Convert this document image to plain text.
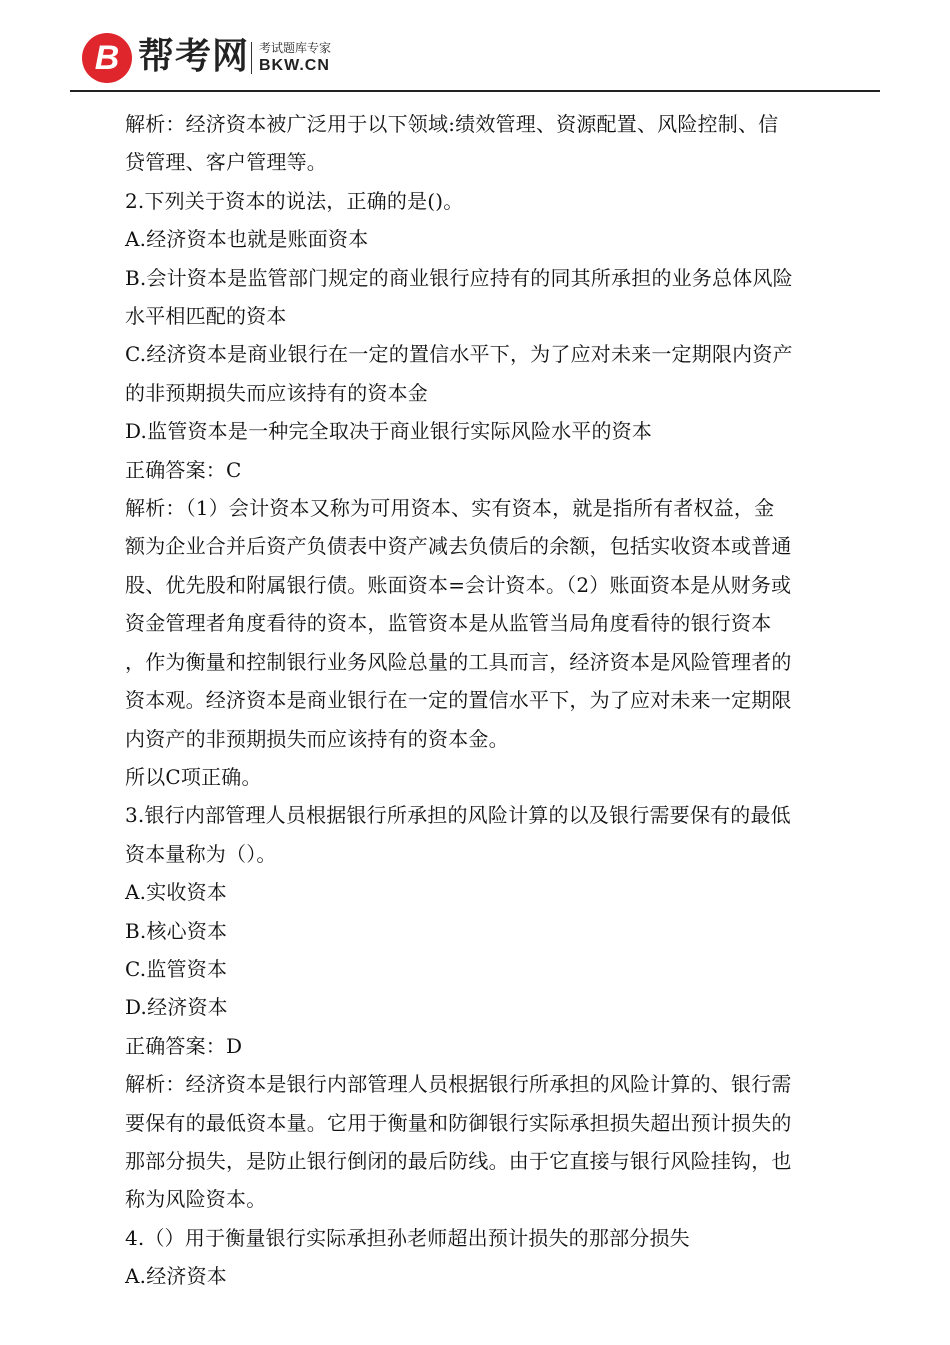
B 帮考网 考试题库专家
BKW.CN

解析：经济资本被广泛用于以下领域:绩效管理、资源配置、风险控制、信

贷管理、客户管理等。

2.下列关于资本的说法，正确的是()。

A.经济资本也就是账面资本

B.会计资本是监管部门规定的商业银行应持有的同其所承担的业务总体风险

水平相匹配的资本

C.经济资本是商业银行在一定的置信水平下，为了应对未来一定期限内资产

的非预期损失而应该持有的资本金

D.监管资本是一种完全取决于商业银行实际风险水平的资本

正确答案：C

解析：（1）会计资本又称为可用资本、实有资本，就是指所有者权益，金

额为企业合并后资产负债表中资产减去负债后的余额，包括实收资本或普通

股、优先股和附属银行债。账面资本=会计资本。（2）账面资本是从财务或

资金管理者角度看待的资本，监管资本是从监管当局角度看待的银行资本

，作为衡量和控制银行业务风险总量的工具而言，经济资本是风险管理者的

资本观。经济资本是商业银行在一定的置信水平下，为了应对未来一定期限

内资产的非预期损失而应该持有的资本金。

所以C项正确。

3.银行内部管理人员根据银行所承担的风险计算的以及银行需要保有的最低

资本量称为（）。

A.实收资本

B.核心资本

C.监管资本

D.经济资本

正确答案：D

解析：经济资本是银行内部管理人员根据银行所承担的风险计算的、银行需

要保有的最低资本量。它用于衡量和防御银行实际承担损失超出预计损失的

那部分损失，是防止银行倒闭的最后防线。由于它直接与银行风险挂钩，也

称为风险资本。

4.（）用于衡量银行实际承担孙老师超出预计损失的那部分损失

A.经济资本
